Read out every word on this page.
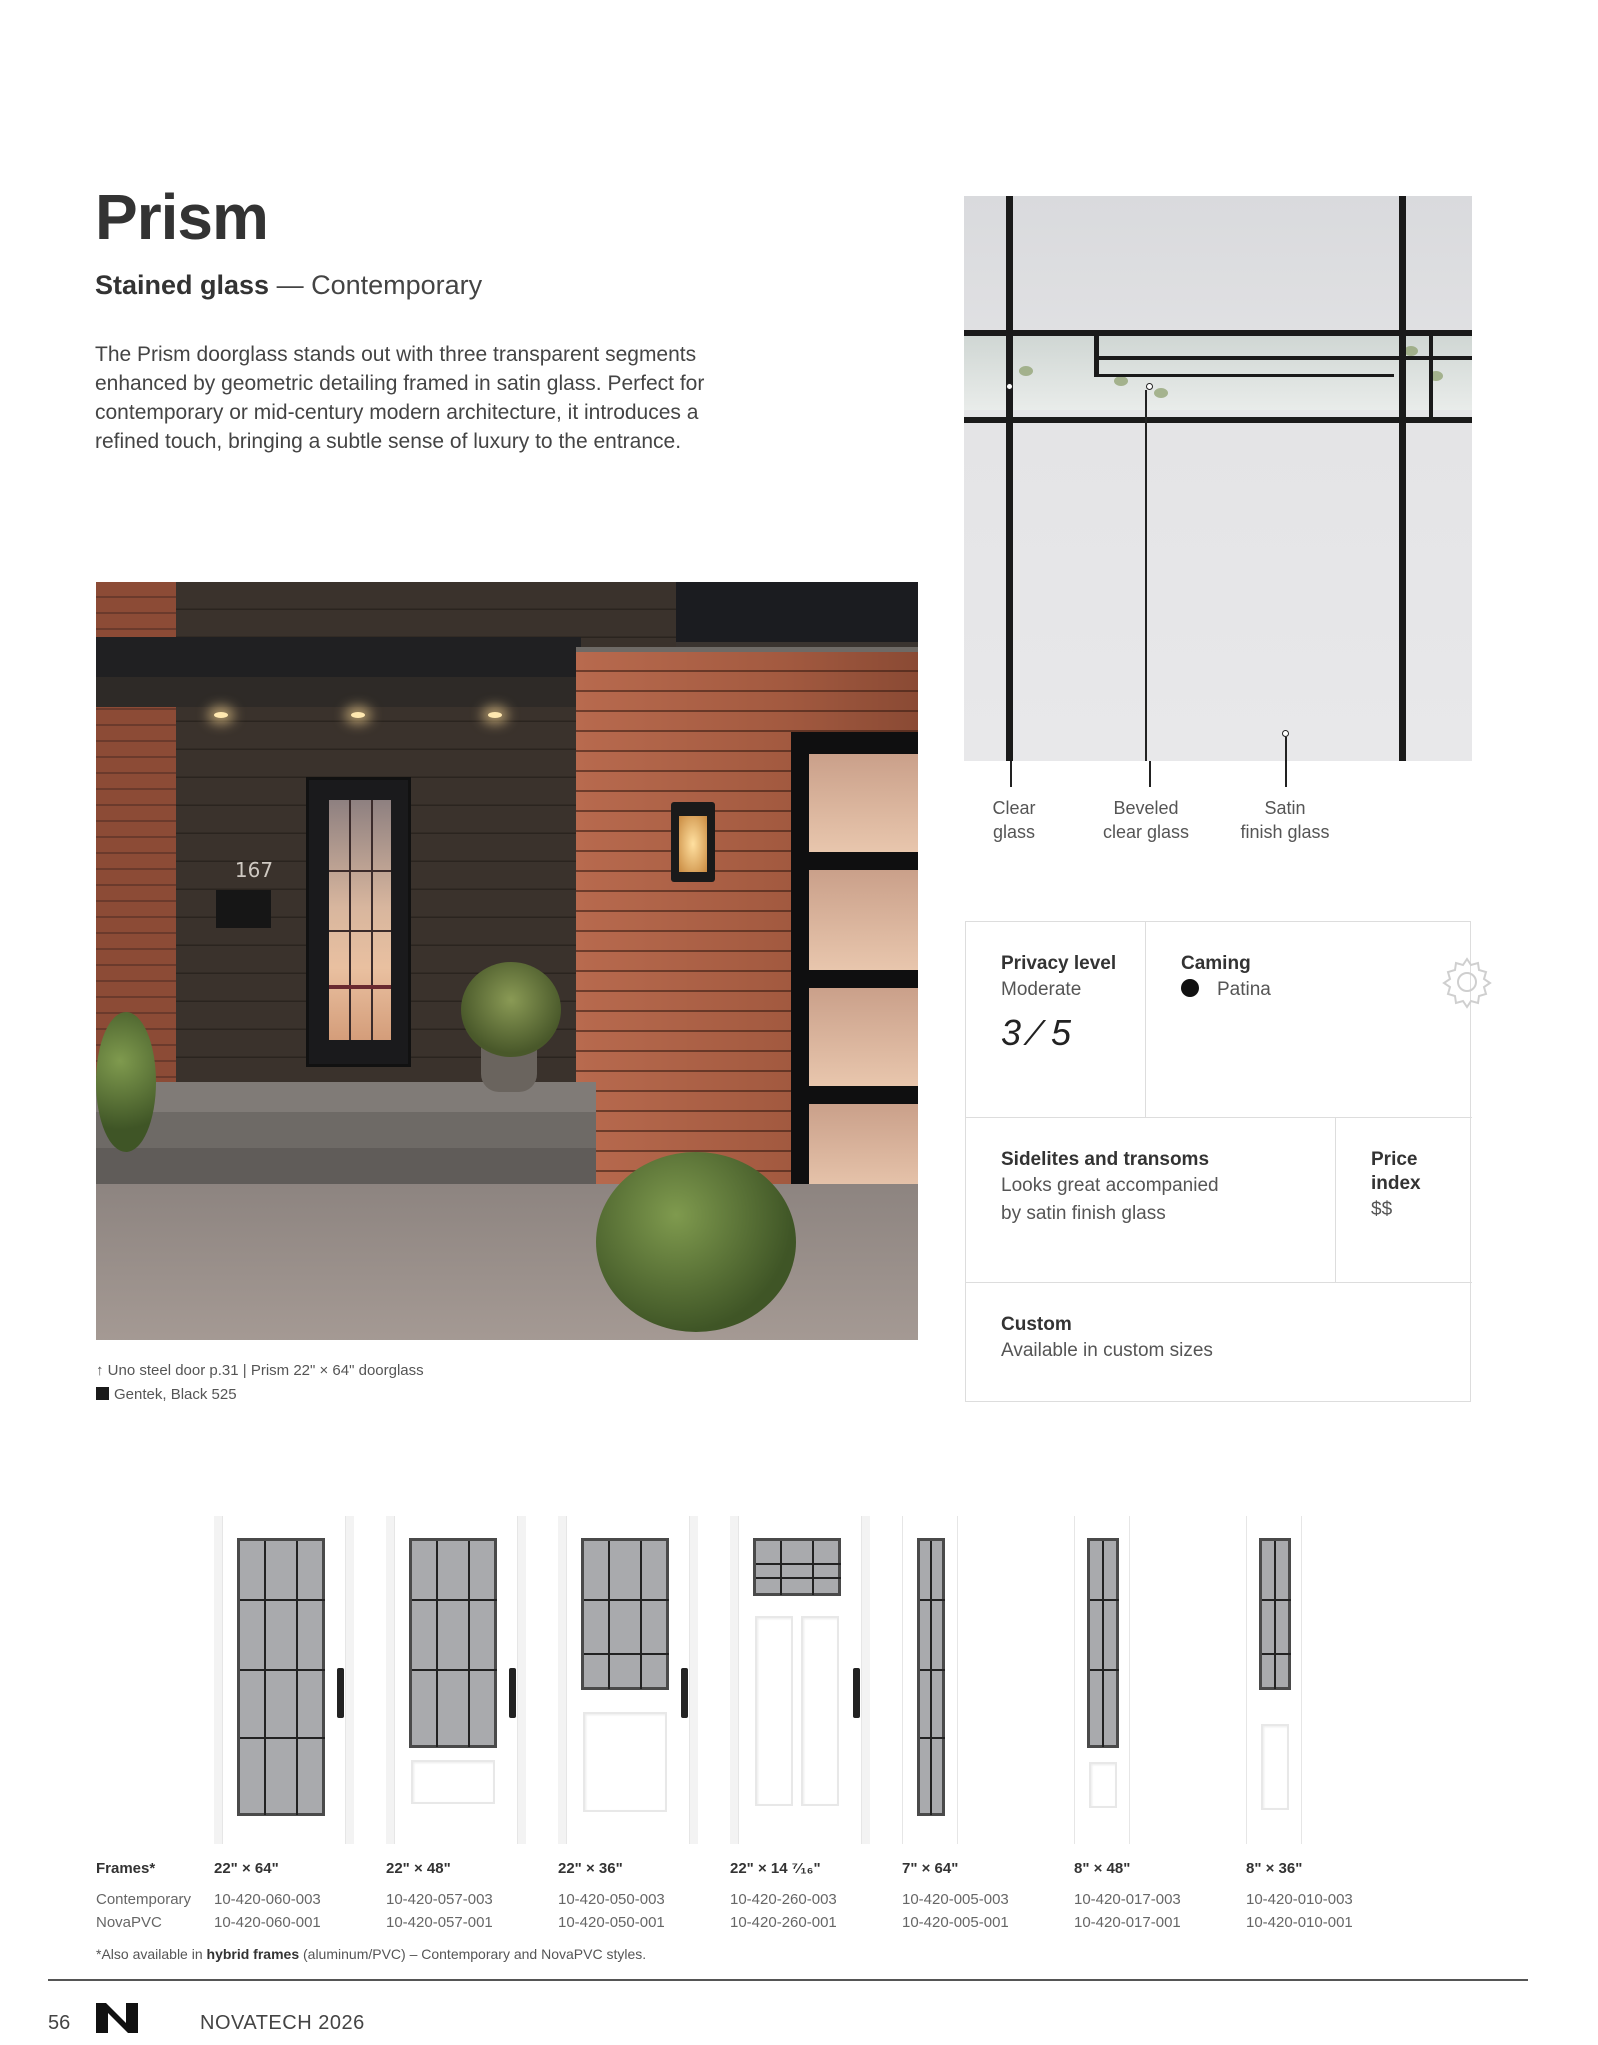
Prism
Stained glass — Contemporary

The Prism doorglass stands out with three transparent segments enhanced by geometric detailing framed in satin glass. Perfect for contemporary or mid-century modern architecture, it introduces a refined touch, bringing a subtle sense of luxury to the entrance.

Clear
glass
Beveled
clear glass
Satin
finish glass
167
↑ Uno steel door p.31 | Prism 22" × 64" doorglass
Gentek, Black 525
Privacy level

Moderate

3 ⁄ 5
Caming

Patina

Sidelites and transoms

Looks great accompanied by satin finish glass

Price index

$$

Custom

Available in custom sizes

Frames*	22" × 64"	22" × 48"	22" × 36"	22" × 14 ⁷⁄₁₆"	7" × 64"	8" × 48"	8" × 36"
Contemporary 10-420-060-003	10-420-057-003	10-420-050-003	10-420-260-003	10-420-005-003	10-420-017-003	10-420-010-003
NovaPVC	10-420-060-001	10-420-057-001	10-420-050-001	10-420-260-001	10-420-005-001	10-420-017-001	10-420-010-001
*Also available in hybrid frames (aluminum/PVC) – Contemporary and NovaPVC styles.
56	NOVATECH 2026
